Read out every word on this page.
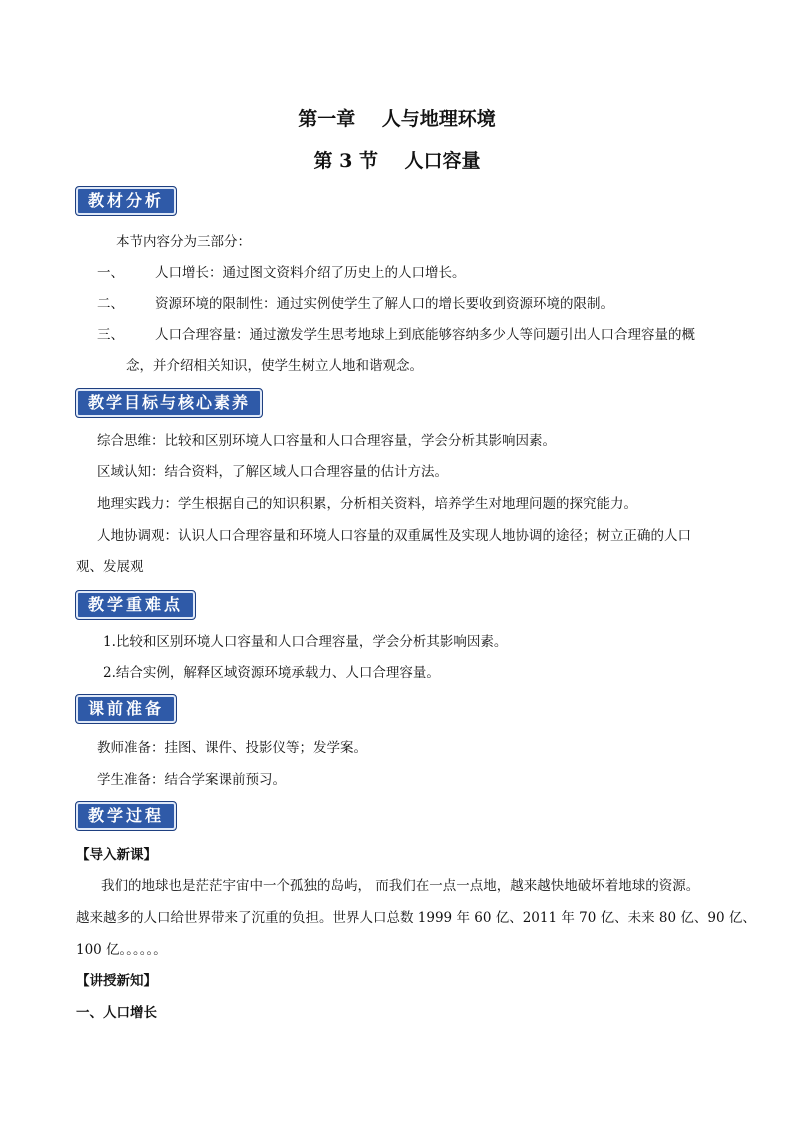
第一章    人与地理环境
第 3 节    人口容量
教材分析
本节内容分为三部分：
一、 人口增长：通过图文资料介绍了历史上的人口增长。
二、 资源环境的限制性：通过实例使学生了解人口的增长要收到资源环境的限制。
三、 人口合理容量：通过激发学生思考地球上到底能够容纳多少人等问题引出人口合理容量的概
念，并介绍相关知识，使学生树立人地和谐观念。
教学目标与核心素养
综合思维：比较和区别环境人口容量和人口合理容量，学会分析其影响因素。
区域认知：结合资料，了解区域人口合理容量的估计方法。
地理实践力：学生根据自己的知识积累，分析相关资料，培养学生对地理问题的探究能力。
人地协调观：认识人口合理容量和环境人口容量的双重属性及实现人地协调的途径；树立正确的人口
观、发展观
教学重难点
1.比较和区别环境人口容量和人口合理容量，学会分析其影响因素。
2.结合实例，解释区域资源环境承载力、人口合理容量。
课前准备
教师准备：挂图、课件、投影仪等；发学案。
学生准备：结合学案课前预习。
教学过程
【导入新课】
我们的地球也是茫茫宇宙中一个孤独的岛屿， 而我们在一点一点地，越来越快地破坏着地球的资源。
越来越多的人口给世界带来了沉重的负担。世界人口总数 1999 年 60 亿、2011 年 70 亿、未来 80 亿、90 亿、
100 亿。。。。。。
【讲授新知】
一、人口增长
